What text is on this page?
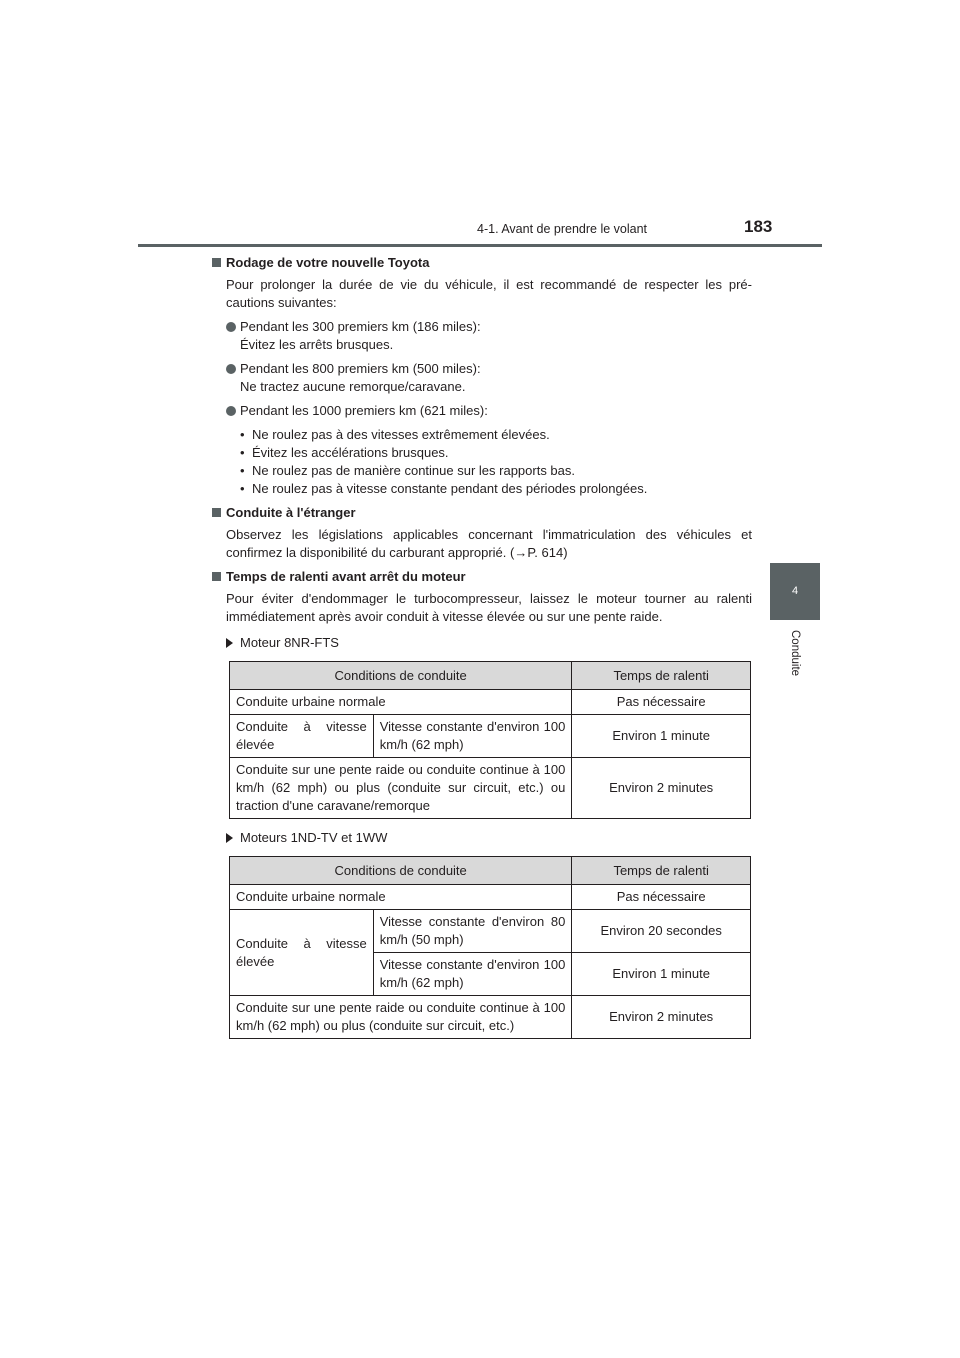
4-1. Avant de prendre le volant	183
4
Conduite

Rodage de votre nouvelle Toyota

Pour prolonger la durée de vie du véhicule, il est recommandé de respecter les pré-cautions suivantes:

Pendant les 300 premiers km (186 miles):
Évitez les arrêts brusques.
Pendant les 800 premiers km (500 miles):
Ne tractez aucune remorque/caravane.
Pendant les 1000 premiers km (621 miles):
• Ne roulez pas à des vitesses extrêmement élevées.
• Évitez les accélérations brusques.
• Ne roulez pas de manière continue sur les rapports bas.
• Ne roulez pas à vitesse constante pendant des périodes prolongées.

Conduite à l'étranger

Observez les législations applicables concernant l'immatriculation des véhicules et confirmez la disponibilité du carburant approprié. (→P. 614)

Temps de ralenti avant arrêt du moteur

Pour éviter d'endommager le turbocompresseur, laissez le moteur tourner au ralenti immédiatement après avoir conduit à vitesse élevée ou sur une pente raide.

Moteur 8NR-FTS
Conditions de conduite		Temps de ralenti
Conduite urbaine normale		Pas nécessaire
Conduite à vitesse élevée	Vitesse constante d'environ 100 km/h (62 mph)	Environ 1 minute
Conduite sur une pente raide ou conduite continue à 100 km/h (62 mph) ou plus (conduite sur circuit, etc.) ou traction d'une caravane/remorque		Environ 2 minutes
Moteurs 1ND-TV et 1WW
Conditions de conduite		Temps de ralenti
Conduite urbaine normale		Pas nécessaire
Conduite à vitesse élevée	Vitesse constante d'environ 80 km/h (50 mph)	Environ 20 secondes
	Vitesse constante d'environ 100 km/h (62 mph)	Environ 1 minute
Conduite sur une pente raide ou conduite continue à 100 km/h (62 mph) ou plus (conduite sur circuit, etc.)		Environ 2 minutes
